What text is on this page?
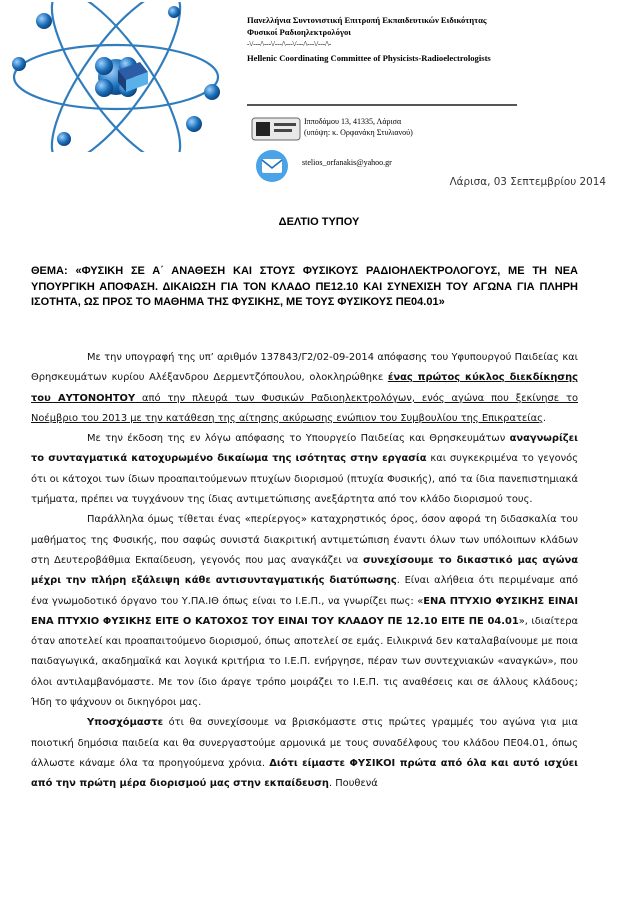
Πανελλήνια Συντονιστική Επιτροπή Εκπαιδευτικών Ειδικότητας
Φυσικοί Ραδιοηλεκτρολόγοι
-\/---/\---\/---/\---\/---/\---\/---/\-
Hellenic Coordinating Committee of Physicists-Radioelectrologists
Ιπποδάμου 13, 41335, Λάρισα
(υπόψη: κ. Ορφανάκη Στυλιανού)
stelios_orfanakis@yahoo.gr
Λάρισα, 03 Σεπτεμβρίου 2014
ΔΕΛΤΙΟ ΤΥΠΟΥ
ΘΕΜΑ: «ΦΥΣΙΚΗ ΣΕ Α΄ ΑΝΑΘΕΣΗ ΚΑΙ ΣΤΟΥΣ ΦΥΣΙΚΟΥΣ ΡΑΔΙΟΗΛΕΚΤΡΟΛΟΓΟΥΣ, ΜΕ ΤΗ ΝΕΑ ΥΠΟΥΡΓΙΚΗ ΑΠΟΦΑΣΗ. ΔΙΚΑΙΩΣΗ ΓΙΑ ΤΟΝ ΚΛΑΔΟ ΠΕ12.10 ΚΑΙ ΣΥΝΕΧΙΣΗ ΤΟΥ ΑΓΩΝΑ ΓΙΑ ΠΛΗΡΗ ΙΣΟΤΗΤΑ, ΩΣ ΠΡΟΣ ΤΟ ΜΑΘΗΜΑ ΤΗΣ ΦΥΣΙΚΗΣ, ΜΕ ΤΟΥΣ ΦΥΣΙΚΟΥΣ ΠΕ04.01»

Με την υπογραφή της υπ’ αριθμόν 137843/Γ2/02-09-2014 απόφασης του Υφυπουργού Παιδείας και Θρησκευμάτων κυρίου Αλέξανδρου Δερμεντζόπουλου, ολοκληρώθηκε ένας πρώτος κύκλος διεκδίκησης του ΑΥΤΟΝΟΗΤΟΥ από την πλευρά των Φυσικών Ραδιοηλεκτρολόγων, ενός αγώνα που ξεκίνησε το Νοέμβριο του 2013 με την κατάθεση της αίτησης ακύρωσης ενώπιον του Συμβουλίου της Επικρατείας.

Με την έκδοση της εν λόγω απόφασης το Υπουργείο Παιδείας και Θρησκευμάτων αναγνωρίζει το συνταγματικά κατοχυρωμένο δικαίωμα της ισότητας στην εργασία και συγκεκριμένα το γεγονός ότι οι κάτοχοι των ίδιων προαπαιτούμενων πτυχίων διορισμού (πτυχία Φυσικής), από τα ίδια πανεπιστημιακά τμήματα, πρέπει να τυγχάνουν της ίδιας αντιμετώπισης ανεξάρτητα από τον κλάδο διορισμού τους.

Παράλληλα όμως τίθεται ένας «περίεργος» καταχρηστικός όρος, όσον αφορά τη διδασκαλία του μαθήματος της Φυσικής, που σαφώς συνιστά διακριτική αντιμετώπιση έναντι όλων των υπόλοιπων κλάδων στη Δευτεροβάθμια Εκπαίδευση, γεγονός που μας αναγκάζει να συνεχίσουμε το δικαστικό μας αγώνα μέχρι την πλήρη εξάλειψη κάθε αντισυνταγματικής διατύπωσης. Είναι αλήθεια ότι περιμέναμε από ένα γνωμοδοτικό όργανο του Υ.ΠΑ.ΙΘ όπως είναι το Ι.Ε.Π., να γνωρίζει πως: «ΕΝΑ ΠΤΥΧΙΟ ΦΥΣΙΚΗΣ ΕΙΝΑΙ ΕΝΑ ΠΤΥΧΙΟ ΦΥΣΙΚΗΣ ΕΙΤΕ Ο ΚΑΤΟΧΟΣ ΤΟΥ ΕΙΝΑΙ ΤΟΥ ΚΛΑΔΟΥ ΠΕ 12.10 ΕΙΤΕ ΠΕ 04.01», ιδιαίτερα όταν αποτελεί και προαπαιτούμενο διορισμού, όπως αποτελεί σε εμάς. Ειλικρινά δεν καταλαβαίνουμε με ποια παιδαγωγικά, ακαδημαϊκά και λογικά κριτήρια το Ι.Ε.Π. ενήργησε, πέραν των συντεχνιακών «αναγκών», που όλοι αντιλαμβανόμαστε. Με τον ίδιο άραγε τρόπο μοιράζει το Ι.Ε.Π. τις αναθέσεις και σε άλλους κλάδους; Ήδη το ψάχνουν οι δικηγόροι μας.

Υποσχόμαστε ότι θα συνεχίσουμε να βρισκόμαστε στις πρώτες γραμμές του αγώνα για μια ποιοτική δημόσια παιδεία και θα συνεργαστούμε αρμονικά με τους συναδέλφους του κλάδου ΠΕ04.01, όπως άλλωστε κάναμε όλα τα προηγούμενα χρόνια. Διότι είμαστε ΦΥΣΙΚΟΙ πρώτα από όλα και αυτό ισχύει από την πρώτη μέρα διορισμού μας στην εκπαίδευση. Πουθενά
